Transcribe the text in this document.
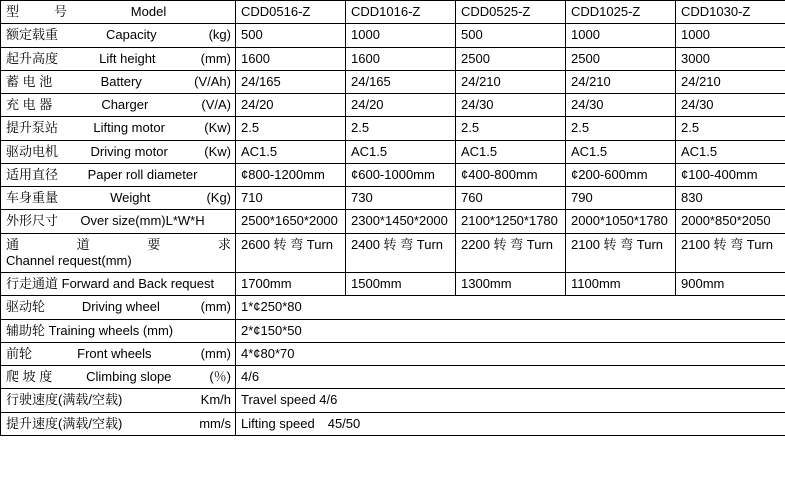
型　　号 Model	CDD0516-Z	CDD1016-Z	CDD0525-Z	CDD1025-Z	CDD1030-Z

额定载重 Capacity (kg)	500	1000	500	1000	1000

起升高度 Lift height (mm)	1600	1600	2500	2500	3000

蓄 电 池 Battery (V/Ah)	24/165	24/165	24/210	24/210	24/210

充 电 器 Charger (V/A)	24/20	24/20	24/30	24/30	24/30

提升泵站 Lifting motor (Kw)	2.5	2.5	2.5	2.5	2.5

驱动电机 Driving motor (Kw)	AC1.5	AC1.5	AC1.5	AC1.5	AC1.5

适用直径 Paper roll diameter	¢800-1200mm	¢600-1000mm	¢400-800mm	¢200-600mm	¢100-400mm

车身重量 Weight (Kg)	710	730	760	790	830

外形尺寸 Over size(mm)L*W*H	2500*1650*2000	2300*1450*2000	2100*1250*1780	2000*1050*1780	2000*850*2050

通 道 要 求
Channel request(mm)	2600 转 弯 Turn	2400 转 弯 Turn	2200 转 弯 Turn	2100 转 弯 Turn	2100 转 弯 Turn

行走通道 Forward and Back request	1700mm	1500mm	1300mm	1100mm	900mm

驱动轮 Driving wheel (mm)	1*¢250*80				

辅助轮 Training wheels (mm)	2*¢150*50				

前轮 Front wheels (mm)	4*¢80*70				

爬 坡 度 Climbing slope (％)	4/6				

行驶速度(满载/空载) Km/h	Travel speed 4/6				

提升速度(满载/空载) mm/s	Lifting speed　45/50				
